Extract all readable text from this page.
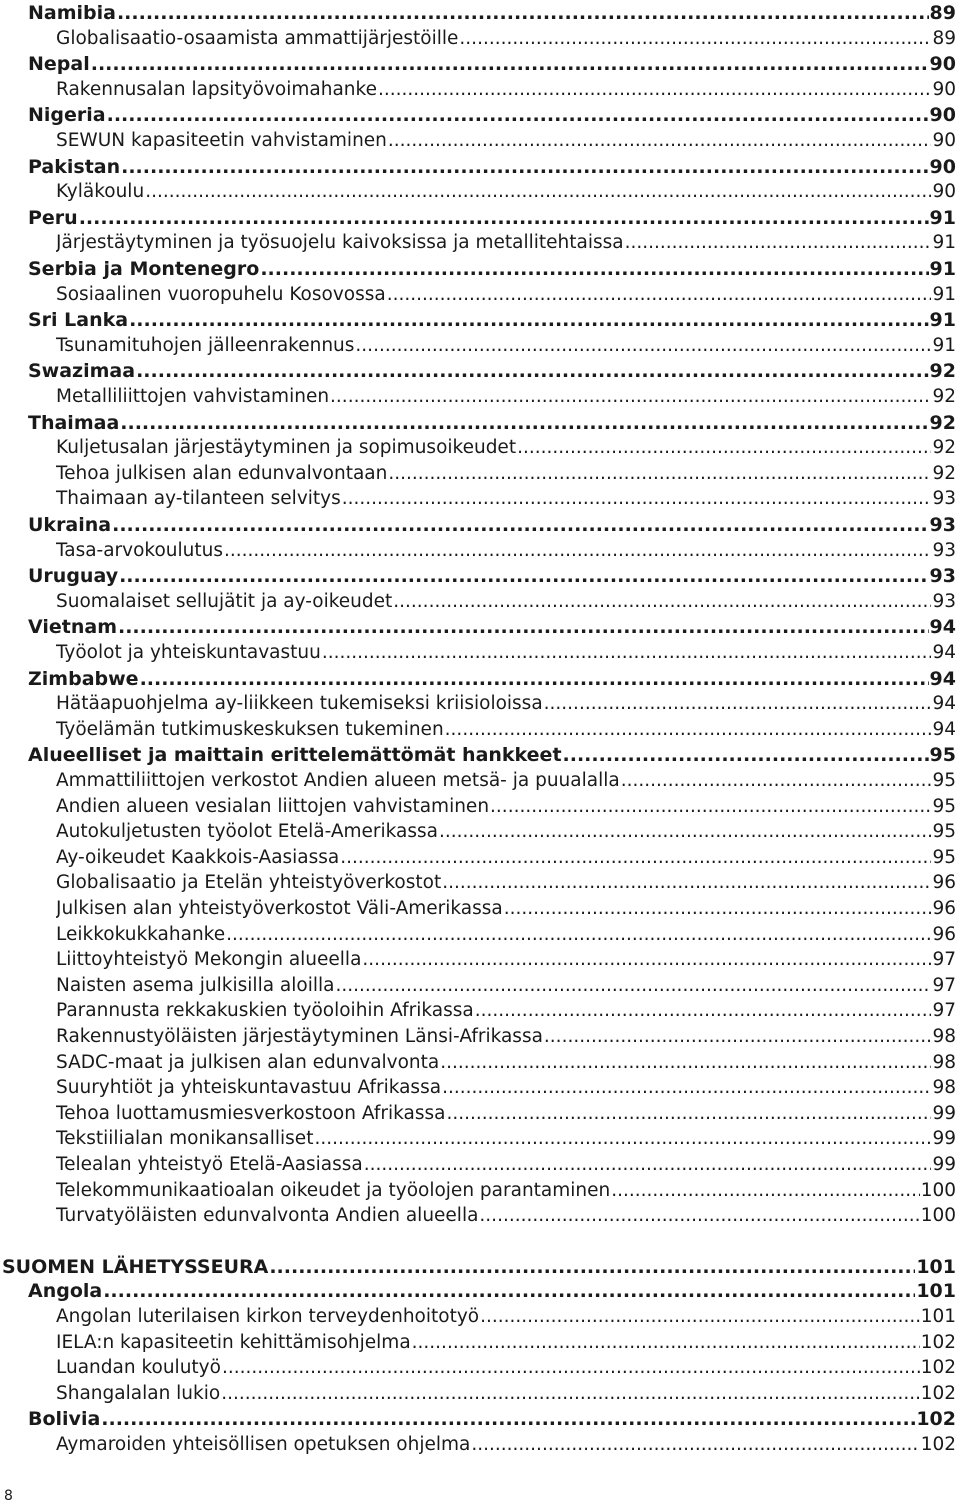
Namibia .....	89
Globalisaatio-osaamista ammattijärjestöille .....	89
Nepal .....	90
Rakennusalan lapsityövoimahanke .....	90
Nigeria .....	90
SEWUN kapasiteetin vahvistaminen .....	90
Pakistan .....	90
Kyläkoulu .....	90
Peru .....	91
Järjestäytyminen ja työsuojelu kaivoksissa ja metallitehtaissa .....	91
Serbia ja Montenegro .....	91
Sosiaalinen vuoropuhelu Kosovossa .....	91
Sri Lanka .....	91
Tsunamituhojen jälleenrakennus .....	91
Swazimaa .....	92
Metalliliittojen vahvistaminen .....	92
Thaimaa .....	92
Kuljetusalan järjestäytyminen ja sopimusoikeudet .....	92
Tehoa julkisen alan edunvalvontaan .....	92
Thaimaan ay-tilanteen selvitys .....	93
Ukraina .....	93
Tasa-arvokoulutus .....	93
Uruguay .....	93
Suomalaiset sellujätit ja ay-oikeudet .....	93
Vietnam .....	94
Työolot ja yhteiskuntavastuu .....	94
Zimbabwe .....	94
Hätäapuohjelma ay-liikkeen tukemiseksi kriisioloissa .....	94
Työelämän tutkimuskeskuksen tukeminen .....	94
Alueelliset ja maittain erittelemättömät hankkeet .....	95
Ammattiliittojen verkostot Andien alueen metsä- ja puualalla .....	95
Andien alueen vesialan liittojen vahvistaminen .....	95
Autokuljetusten työolot Etelä-Amerikassa .....	95
Ay-oikeudet Kaakkois-Aasiassa .....	95
Globalisaatio ja Etelän yhteistyöverkostot .....	96
Julkisen alan yhteistyöverkostot Väli-Amerikassa .....	96
Leikkokukkahanke .....	96
Liittoyhteistyö Mekongin alueella .....	97
Naisten asema julkisilla aloilla .....	97
Parannusta rekkakuskien työoloihin Afrikassa .....	97
Rakennustyöläisten järjestäytyminen Länsi-Afrikassa .....	98
SADC-maat ja julkisen alan edunvalvonta .....	98
Suuryhtiöt ja yhteiskuntavastuu Afrikassa .....	98
Tehoa luottamusmiesverkostoon Afrikassa .....	99
Tekstiilialan monikansalliset .....	99
Telealan yhteistyö Etelä-Aasiassa .....	99
Telekommunikaatioalan oikeudet ja työolojen parantaminen .....	100
Turvatyöläisten edunvalvonta Andien alueella .....	100
SUOMEN LÄHETYSSEURA .....	101
Angola .....	101
Angolan luterilaisen kirkon terveydenhoitotyö .....	101
IELA:n kapasiteetin kehittämisohjelma .....	102
Luandan koulutyö .....	102
Shangalalan lukio .....	102
Bolivia .....	102
Aymaroiden yhteisöllisen opetuksen ohjelma .....	102
8
